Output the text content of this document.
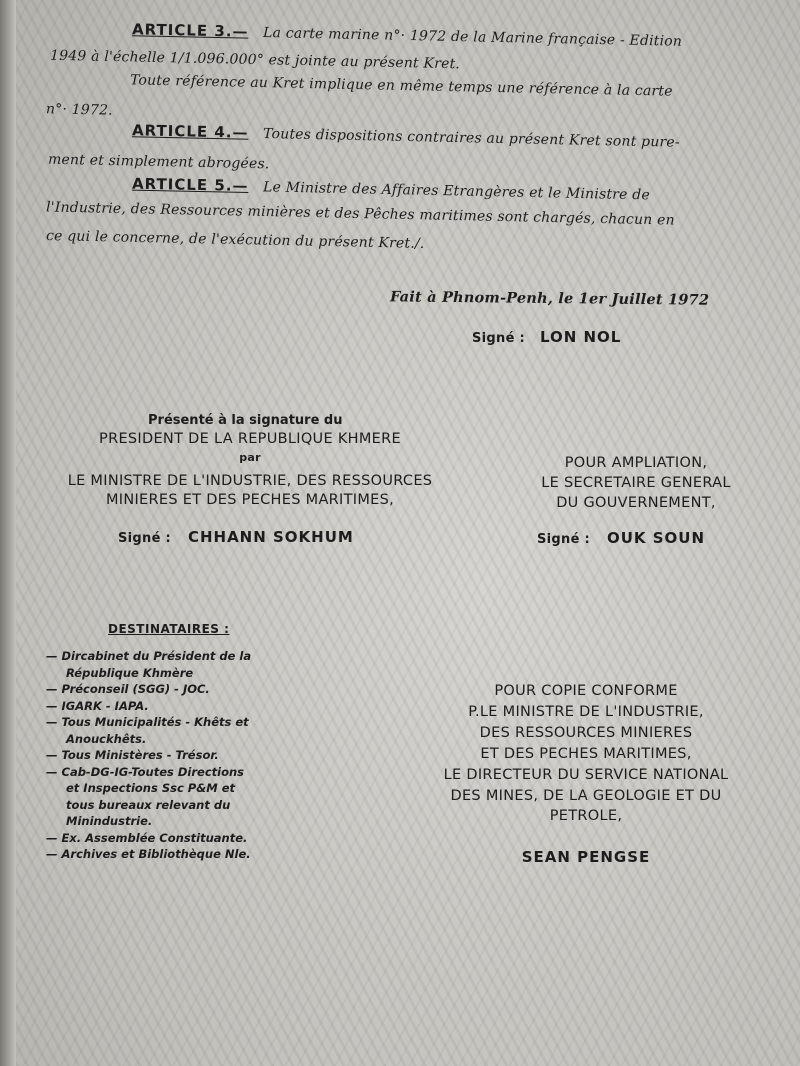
ARTICLE 3.— La carte marine n°· 1972 de la Marine française - Edition
1949 à l'échelle 1/1.096.000° est jointe au présent Kret.
Toute référence au Kret implique en même temps une référence à la carte
n°· 1972.
ARTICLE 4.— Toutes dispositions contraires au présent Kret sont pure-
ment et simplement abrogées.
ARTICLE 5.— Le Ministre des Affaires Etrangères et le Ministre de
l'Industrie, des Ressources minières et des Pêches maritimes sont chargés, chacun en
ce qui le concerne, de l'exécution du présent Kret./.
Fait à Phnom-Penh, le 1er Juillet 1972
Signé : LON NOL
Présenté à la signature du
PRESIDENT DE LA REPUBLIQUE KHMERE
par
LE MINISTRE DE L'INDUSTRIE, DES RESSOURCES
MINIERES ET DES PECHES MARITIMES,
Signé : CHHANN SOKHUM
POUR AMPLIATION,
LE SECRETAIRE GENERAL
DU GOUVERNEMENT,
Signé : OUK SOUN
DESTINATAIRES :
— Dircabinet du Président de la
République Khmère
— Préconseil (SGG) - JOC.
— IGARK - IAPA.
— Tous Municipalités - Khêts et
Anouckhêts.
— Tous Ministères - Trésor.
— Cab-DG-IG-Toutes Directions
et Inspections Ssc P&M et
tous bureaux relevant du
Minindustrie.
— Ex. Assemblée Constituante.
— Archives et Bibliothèque Nle.
POUR COPIE CONFORME
P.LE MINISTRE DE L'INDUSTRIE,
DES RESSOURCES MINIERES
ET DES PECHES MARITIMES,
LE DIRECTEUR DU SERVICE NATIONAL
DES MINES, DE LA GEOLOGIE ET DU
PETROLE,
SEAN PENGSE
